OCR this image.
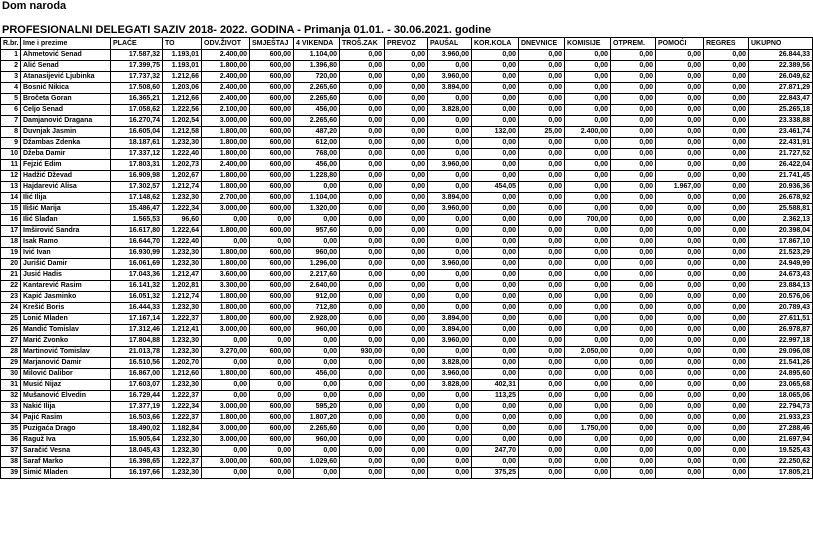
Dom naroda
PROFESIONALNI DELEGATI SAZIV 2018- 2022. GODINA - Primanja 01.01. - 30.06.2021. godine
R.br.	Ime i prezime	PLAĆE	TO	ODV.ŽIVOT	SMJEŠTAJ	4 VIKENDA	TROŠ.ZAK	PREVOZ	PAUŠAL	KOR.KOLA	DNEVNICE	KOMISIJE	OTPREM.	POMOĆI	REGRES	UKUPNO
1	Ahmetović Senad	17.587,32	1.193,01	2.400,00	600,00	1.104,00	0,00	0,00	3.960,00	0,00	0,00	0,00	0,00	0,00	0,00	26.844,33
2	Alić Senad	17.399,75	1.193,01	1.800,00	600,00	1.396,80	0,00	0,00	0,00	0,00	0,00	0,00	0,00	0,00	0,00	22.389,56
3	Atanasijević Ljubinka	17.737,32	1.212,66	2.400,00	600,00	720,00	0,00	0,00	3.960,00	0,00	0,00	0,00	0,00	0,00	0,00	26.049,62
4	Bosnić Nikica	17.508,60	1.203,06	2.400,00	600,00	2.265,60	0,00	0,00	3.894,00	0,00	0,00	0,00	0,00	0,00	0,00	27.871,29
5	Bročeta Goran	16.365,21	1.212,66	2.400,00	600,00	2.265,60	0,00	0,00	0,00	0,00	0,00	0,00	0,00	0,00	0,00	22.843,47
6	Čeljo Senad	17.058,62	1.222,56	2.100,00	600,00	456,00	0,00	0,00	3.828,00	0,00	0,00	0,00	0,00	0,00	0,00	25.265,18
7	Damjanović Dragana	16.270,74	1.202,54	3.000,00	600,00	2.265,60	0,00	0,00	0,00	0,00	0,00	0,00	0,00	0,00	0,00	23.338,88
8	Duvnjak Jasmin	16.605,04	1.212,58	1.800,00	600,00	487,20	0,00	0,00	0,00	132,00	25,00	2.400,00	0,00	0,00	0,00	23.461,74
9	Džambas Zdenka	18.187,61	1.232,30	1.800,00	600,00	612,00	0,00	0,00	0,00	0,00	0,00	0,00	0,00	0,00	0,00	22.431,91
10	Džeba Damir	17.337,12	1.222,40	1.800,00	600,00	768,00	0,00	0,00	0,00	0,00	0,00	0,00	0,00	0,00	0,00	21.727,52
11	Fejzić Edim	17.803,31	1.202,73	2.400,00	600,00	456,00	0,00	0,00	3.960,00	0,00	0,00	0,00	0,00	0,00	0,00	26.422,04
12	Hadžić Dževad	16.909,98	1.202,67	1.800,00	600,00	1.228,80	0,00	0,00	0,00	0,00	0,00	0,00	0,00	0,00	0,00	21.741,45
13	Hajdarević Alisa	17.302,57	1.212,74	1.800,00	600,00	0,00	0,00	0,00	0,00	454,05	0,00	0,00	0,00	1.967,00	0,00	20.936,36
14	Ilić Ilija	17.148,62	1.232,30	2.700,00	600,00	1.104,00	0,00	0,00	3.894,00	0,00	0,00	0,00	0,00	0,00	0,00	26.678,92
15	Ilišić Marija	15.486,47	1.222,34	3.000,00	600,00	1.320,00	0,00	0,00	3.960,00	0,00	0,00	0,00	0,00	0,00	0,00	25.588,81
16	Ilić Slađan	1.565,53	96,60	0,00	0,00	0,00	0,00	0,00	0,00	0,00	0,00	700,00	0,00	0,00	0,00	2.362,13
17	Imširović Sandra	16.617,80	1.222,64	1.800,00	600,00	957,60	0,00	0,00	0,00	0,00	0,00	0,00	0,00	0,00	0,00	20.398,04
18	Isak Ramo	16.644,70	1.222,40	0,00	0,00	0,00	0,00	0,00	0,00	0,00	0,00	0,00	0,00	0,00	0,00	17.867,10
19	Ivić Ivan	16.930,99	1.232,30	1.800,00	600,00	960,00	0,00	0,00	0,00	0,00	0,00	0,00	0,00	0,00	0,00	21.523,29
20	Jurišić Damir	16.061,69	1.232,30	1.800,00	600,00	1.296,00	0,00	0,00	3.960,00	0,00	0,00	0,00	0,00	0,00	0,00	24.949,99
21	Jusić Hadis	17.043,36	1.212,47	3.600,00	600,00	2.217,60	0,00	0,00	0,00	0,00	0,00	0,00	0,00	0,00	0,00	24.673,43
22	Kantarević Rasim	16.141,32	1.202,81	3.300,00	600,00	2.640,00	0,00	0,00	0,00	0,00	0,00	0,00	0,00	0,00	0,00	23.884,13
23	Kapić Jasminko	16.051,32	1.212,74	1.800,00	600,00	912,00	0,00	0,00	0,00	0,00	0,00	0,00	0,00	0,00	0,00	20.576,06
24	Krešić Boris	16.444,33	1.232,30	1.800,00	600,00	712,80	0,00	0,00	0,00	0,00	0,00	0,00	0,00	0,00	0,00	20.789,43
25	Lonić Mladen	17.167,14	1.222,37	1.800,00	600,00	2.928,00	0,00	0,00	3.894,00	0,00	0,00	0,00	0,00	0,00	0,00	27.611,51
26	Mandić Tomislav	17.312,46	1.212,41	3.000,00	600,00	960,00	0,00	0,00	3.894,00	0,00	0,00	0,00	0,00	0,00	0,00	26.978,87
27	Marić Zvonko	17.804,88	1.232,30	0,00	0,00	0,00	0,00	0,00	3.960,00	0,00	0,00	0,00	0,00	0,00	0,00	22.997,18
28	Martinović Tomislav	21.013,78	1.232,30	3.270,00	600,00	0,00	930,00	0,00	0,00	0,00	0,00	2.050,00	0,00	0,00	0,00	29.096,08
29	Marjanović Damir	16.510,56	1.202,70	0,00	0,00	0,00	0,00	0,00	3.828,00	0,00	0,00	0,00	0,00	0,00	0,00	21.541,26
30	Milović Dalibor	16.867,00	1.212,60	1.800,00	600,00	456,00	0,00	0,00	3.960,00	0,00	0,00	0,00	0,00	0,00	0,00	24.895,60
31	Musić Nijaz	17.603,07	1.232,30	0,00	0,00	0,00	0,00	0,00	3.828,00	402,31	0,00	0,00	0,00	0,00	0,00	23.065,68
32	Mušanović Elvedin	16.729,44	1.222,37	0,00	0,00	0,00	0,00	0,00	0,00	113,25	0,00	0,00	0,00	0,00	0,00	18.065,06
33	Nakić Ilija	17.377,19	1.222,34	3.000,00	600,00	595,20	0,00	0,00	0,00	0,00	0,00	0,00	0,00	0,00	0,00	22.794,73
34	Pajić Rasim	16.503,66	1.222,37	1.800,00	600,00	1.807,20	0,00	0,00	0,00	0,00	0,00	0,00	0,00	0,00	0,00	21.933,23
35	Puzigaća Drago	18.490,02	1.182,84	3.000,00	600,00	2.265,60	0,00	0,00	0,00	0,00	0,00	1.750,00	0,00	0,00	0,00	27.288,46
36	Raguž Iva	15.905,64	1.232,30	3.000,00	600,00	960,00	0,00	0,00	0,00	0,00	0,00	0,00	0,00	0,00	0,00	21.697,94
37	Saračić Vesna	18.045,43	1.232,30	0,00	0,00	0,00	0,00	0,00	0,00	247,70	0,00	0,00	0,00	0,00	0,00	19.525,43
38	Saraf Marko	16.398,65	1.222,37	3.000,00	600,00	1.029,60	0,00	0,00	0,00	0,00	0,00	0,00	0,00	0,00	0,00	22.250,62
39	Simić Mladen	16.197,66	1.232,30	0,00	0,00	0,00	0,00	0,00	0,00	375,25	0,00	0,00	0,00	0,00	0,00	17.805,21
